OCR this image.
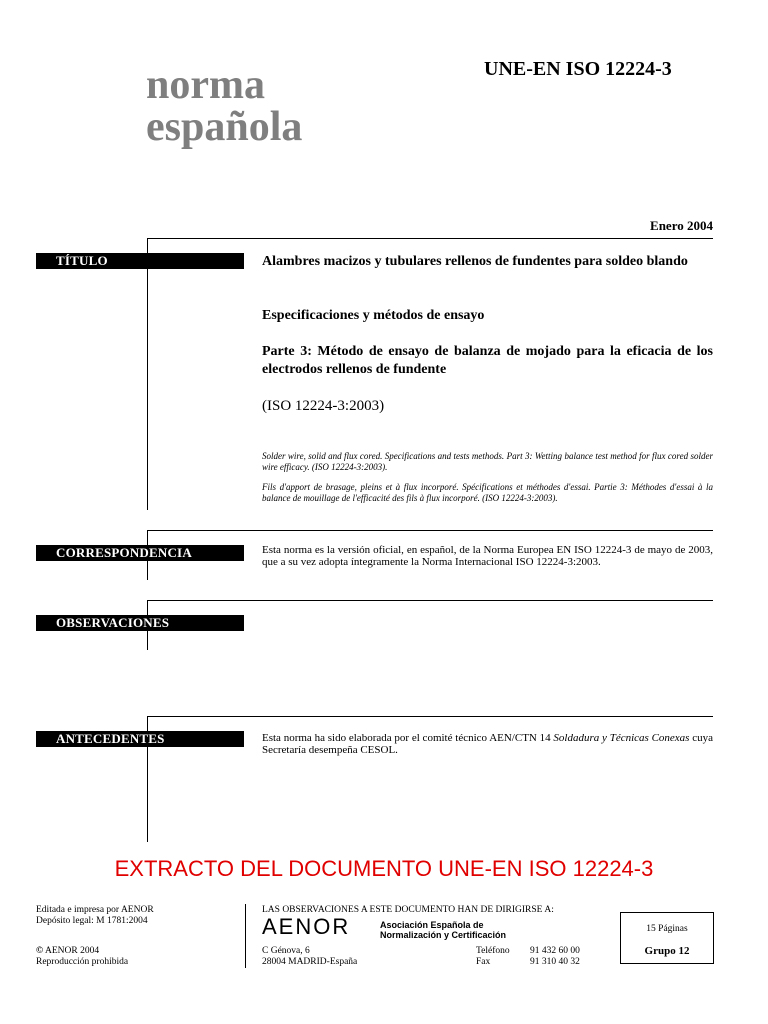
norma
española
UNE-EN ISO 12224-3
Enero 2004
TÍTULO	Alambres macizos y tubulares rellenos de fundentes para soldeo blando
Especificaciones y métodos de ensayo
Parte 3: Método de ensayo de balanza de mojado para la eficacia de los electrodos rellenos de fundente
(ISO 12224-3:2003)
Solder wire, solid and flux cored. Specifications and tests methods. Part 3: Wetting balance test method for flux cored solder wire efficacy. (ISO 12224-3:2003).
Fils d'apport de brasage, pleins et à flux incorporé. Spécifications et méthodes d'essai. Partie 3: Méthodes d'essai à la balance de mouillage de l'efficacité des fils à flux incorporé. (ISO 12224-3:2003).
CORRESPONDENCIA	Esta norma es la versión oficial, en español, de la Norma Europea EN ISO 12224-3 de mayo de 2003, que a su vez adopta íntegramente la Norma Internacional ISO 12224-3:2003.
OBSERVACIONES
ANTECEDENTES	Esta norma ha sido elaborada por el comité técnico AEN/CTN 14 Soldadura y Técnicas Conexas cuya Secretaría desempeña CESOL.
EXTRACTO DEL DOCUMENTO UNE-EN ISO 12224-3
Editada e impresa por AENOR
Depósito legal: M 1781:2004
© AENOR 2004
Reproducción prohibida
LAS OBSERVACIONES A ESTE DOCUMENTO HAN DE DIRIGIRSE A:
AENOR	Asociación Española de
Normalización y Certificación
C Génova, 6
28004 MADRID-España
Teléfono 91 432 60 00
Fax	91 310 40 32
15 Páginas
Grupo 12
